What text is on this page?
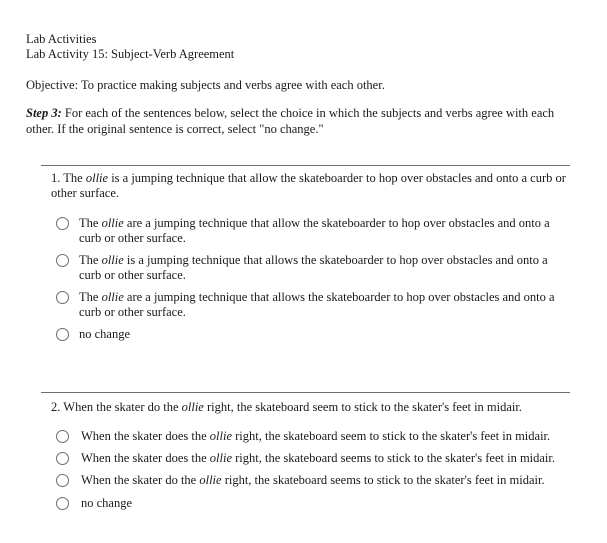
Lab Activities
Lab Activity 15: Subject-Verb Agreement
Objective: To practice making subjects and verbs agree with each other.
Step 3: For each of the sentences below, select the choice in which the subjects and verbs agree with each other. If the original sentence is correct, select "no change."
1. The ollie is a jumping technique that allow the skateboarder to hop over obstacles and onto a curb or other surface.
The ollie are a jumping technique that allow the skateboarder to hop over obstacles and onto a curb or other surface.
The ollie is a jumping technique that allows the skateboarder to hop over obstacles and onto a curb or other surface.
The ollie are a jumping technique that allows the skateboarder to hop over obstacles and onto a curb or other surface.
no change
2. When the skater do the ollie right, the skateboard seem to stick to the skater's feet in midair.
When the skater does the ollie right, the skateboard seem to stick to the skater's feet in midair.
When the skater does the ollie right, the skateboard seems to stick to the skater's feet in midair.
When the skater do the ollie right, the skateboard seems to stick to the skater's feet in midair.
no change
